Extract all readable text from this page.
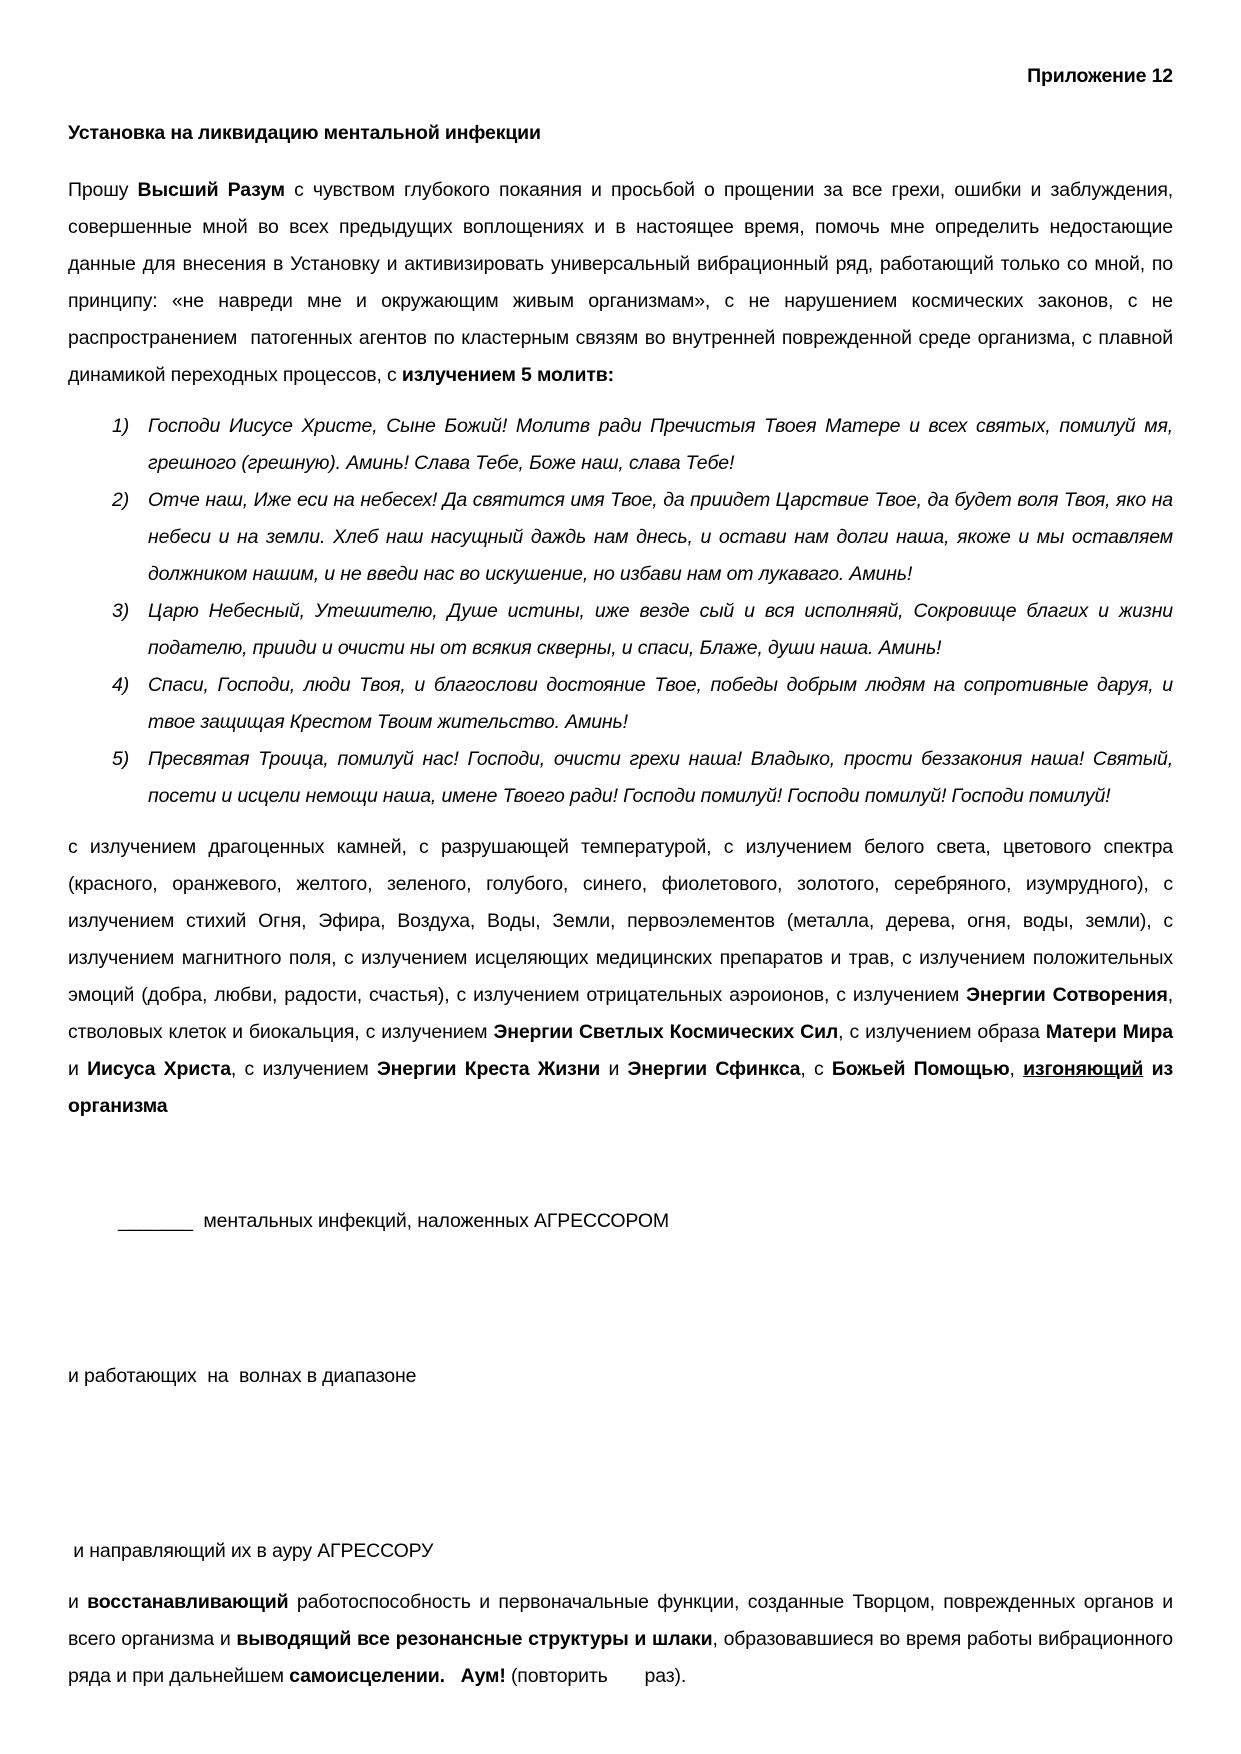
Приложение 12
Установка на ликвидацию ментальной инфекции

Прошу Высший Разум с чувством глубокого покаяния и просьбой о прощении за все грехи, ошибки и заблуждения, совершенные мной во всех предыдущих воплощениях и в настоящее время, помочь мне определить недостающие данные для внесения в Установку и активизировать универсальный вибрационный ряд, работающий только со мной, по принципу: «не навреди мне и окружающим живым организмам», с не нарушением космических законов, с не распространением  патогенных агентов по кластерным связям во внутренней поврежденной среде организма, с плавной динамикой переходных процессов, с излучением 5 молитв:

1) Господи Иисусе Христе, Сыне Божий! Молитв ради Пречистыя Твоея Матере и всех святых, помилуй мя, грешного (грешную). Аминь! Слава Тебе, Боже наш, слава Тебе!
2) Отче наш, Иже еси на небесех! Да святится имя Твое, да приидет Царствие Твое, да будет воля Твоя, яко на небеси и на земли. Хлеб наш насущный даждь нам днесь, и остави нам долги наша, якоже и мы оставляем должником нашим, и не введи нас во искушение, но избави нам от лукаваго. Аминь!
3) Царю Небесный, Утешителю, Душе истины, иже везде сый и вся исполняяй, Сокровище благих и жизни подателю, прииди и очисти ны от всякия скверны, и спаси, Блаже, души наша. Аминь!
4) Спаси, Господи, люди Твоя, и благослови достояние Твое, победы добрым людям на сопротивные даруя, и твое защищая Крестом Твоим жительство. Аминь!
5) Пресвятая Троица, помилуй нас! Господи, очисти грехи наша! Владыко, прости беззакония наша! Святый, посети и исцели немощи наша, имене Твоего ради! Господи помилуй! Господи помилуй! Господи помилуй!

с излучением драгоценных камней, с разрушающей температурой, с излучением белого света, цветового спектра (красного, оранжевого, желтого, зеленого, голубого, синего, фиолетового, золотого, серебряного, изумрудного), с излучением стихий Огня, Эфира, Воздуха, Воды, Земли, первоэлементов (металла, дерева, огня, воды, земли), с излучением магнитного поля, с излучением исцеляющих медицинских препаратов и трав, с излучением положительных эмоций (добра, любви, радости, счастья), с излучением отрицательных аэроионов, с излучением Энергии Сотворения, стволовых клеток и биокальция, с излучением Энергии Светлых Космических Сил, с излучением образа Матери Мира и Иисуса Христа, с излучением Энергии Креста Жизни и Энергии Сфинкса, с Божьей Помощью, изгоняющий из организма

_______  ментальных инфекций, наложенных АГРЕССОРОМ

и работающих  на  волнах в диапазоне

и направляющий их в ауру АГРЕССОРУ

и восстанавливающий работоспособность и первоначальные функции, созданные Творцом, поврежденных органов и всего организма и выводящий все резонансные структуры и шлаки, образовавшиеся во время работы вибрационного ряда и при дальнейшем самоисцелении. Аум! (повторить       раз).
